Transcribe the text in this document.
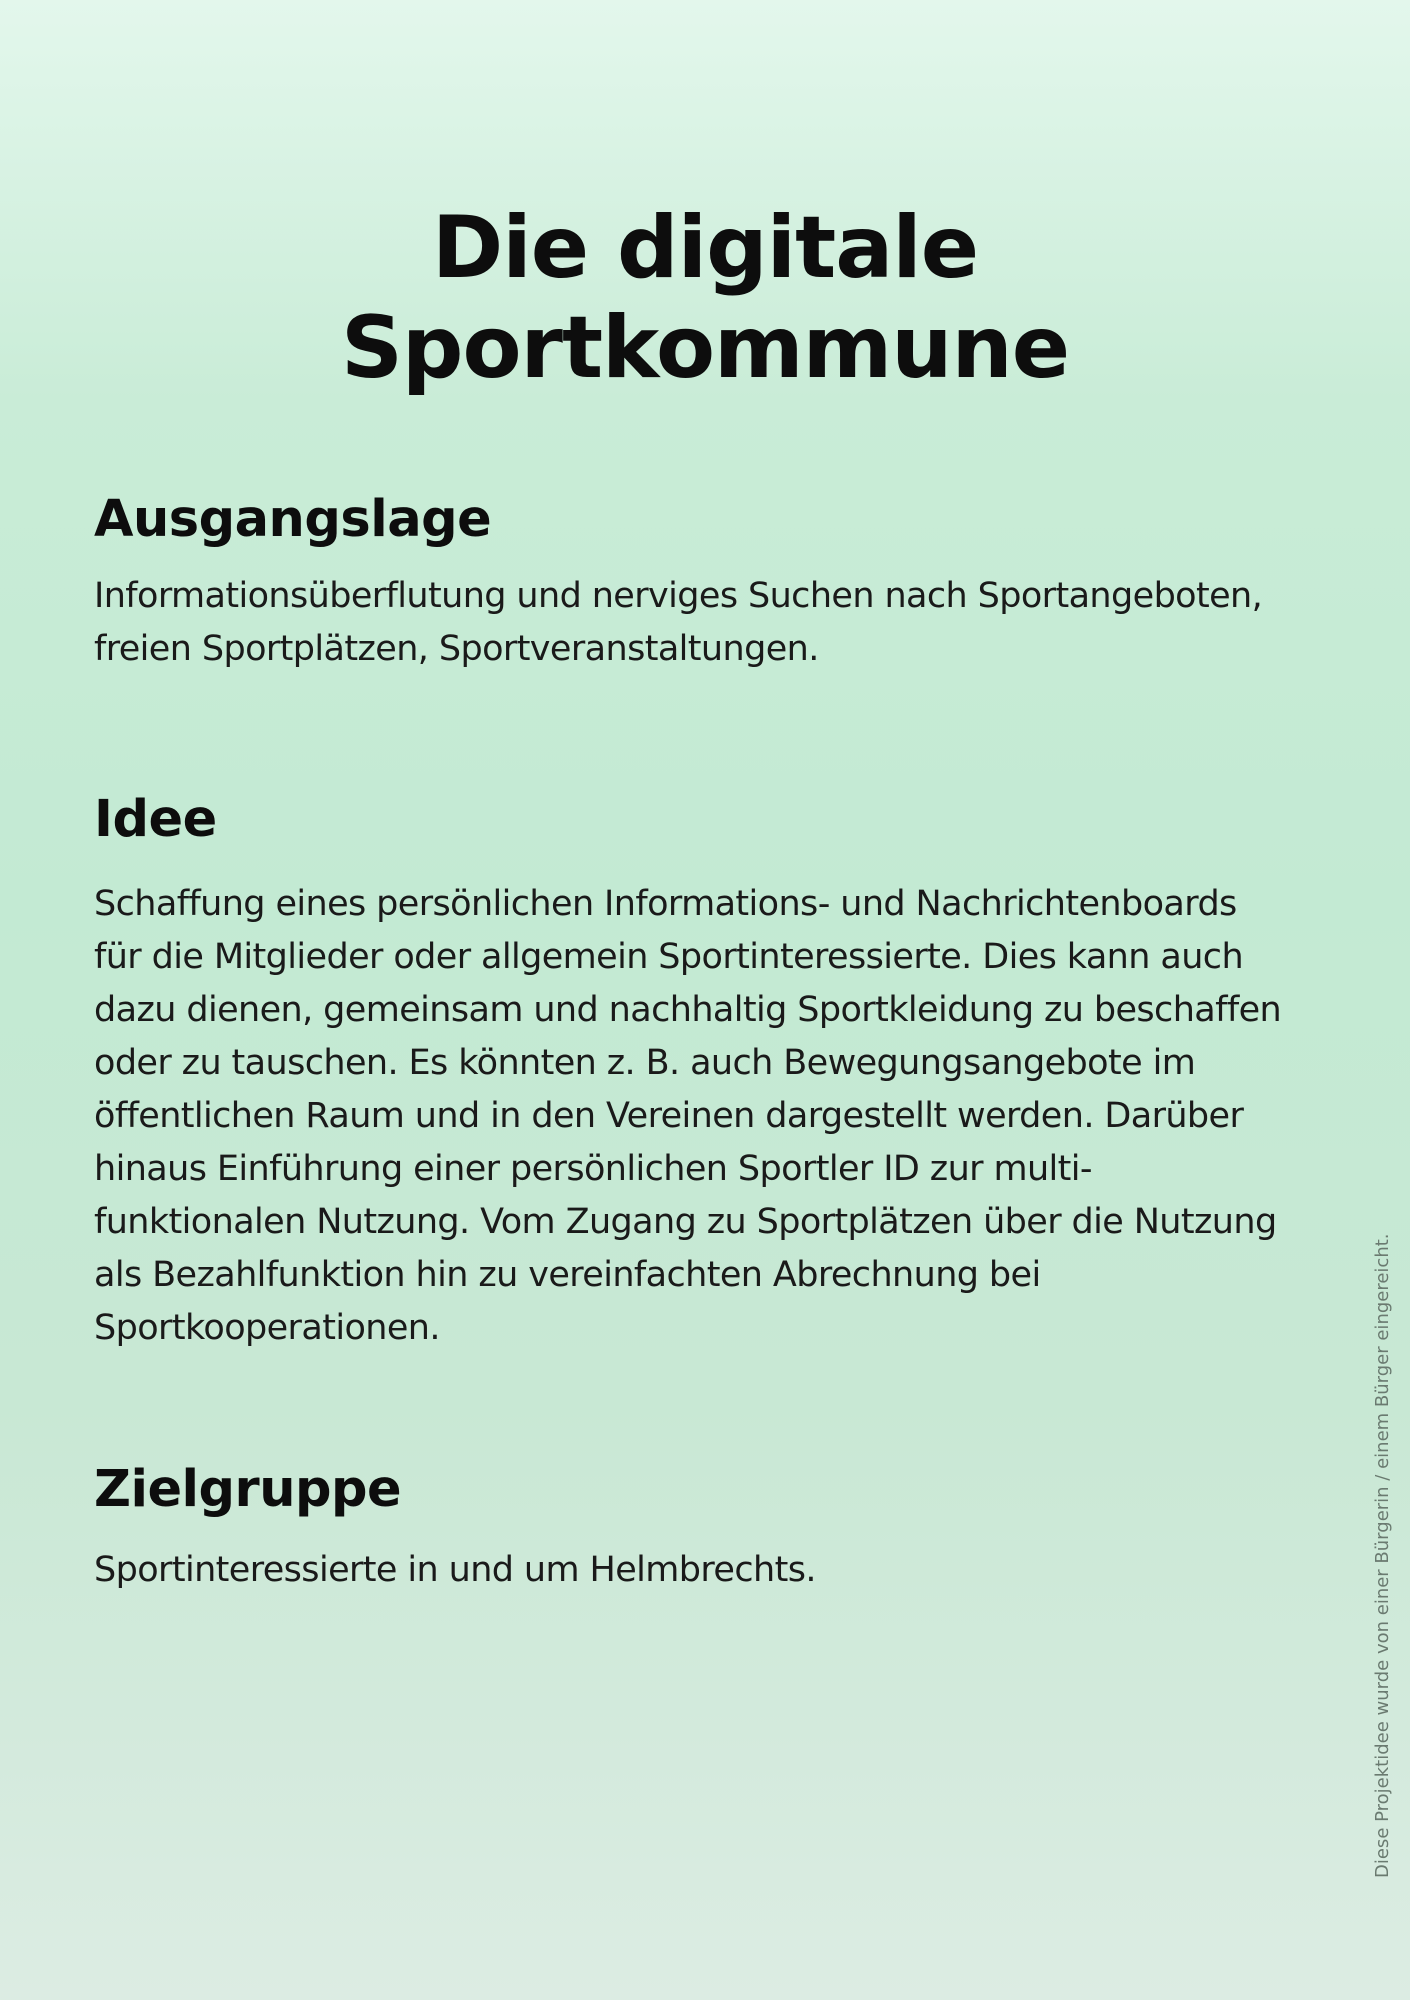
Die digitale
Sportkommune
Ausgangslage

Informationsüberflutung und nerviges Suchen nach Sportangeboten,
freien Sportplätzen, Sportveranstaltungen.

Idee

Schaffung eines persönlichen Informations- und Nachrichtenboards
für die Mitglieder oder allgemein Sportinteressierte. Dies kann auch
dazu dienen, gemeinsam und nachhaltig Sportkleidung zu beschaffen
oder zu tauschen. Es könnten z. B. auch Bewegungsangebote im
öffentlichen Raum und in den Vereinen dargestellt werden. Darüber
hinaus Einführung einer persönlichen Sportler ID zur multi-
funktionalen Nutzung. Vom Zugang zu Sportplätzen über die Nutzung
als Bezahlfunktion hin zu vereinfachten Abrechnung bei
Sportkooperationen.

Zielgruppe

Sportinteressierte in und um Helmbrechts.	Diese Projektidee wurde von einer Bürgerin / einem Bürger eingereicht.
